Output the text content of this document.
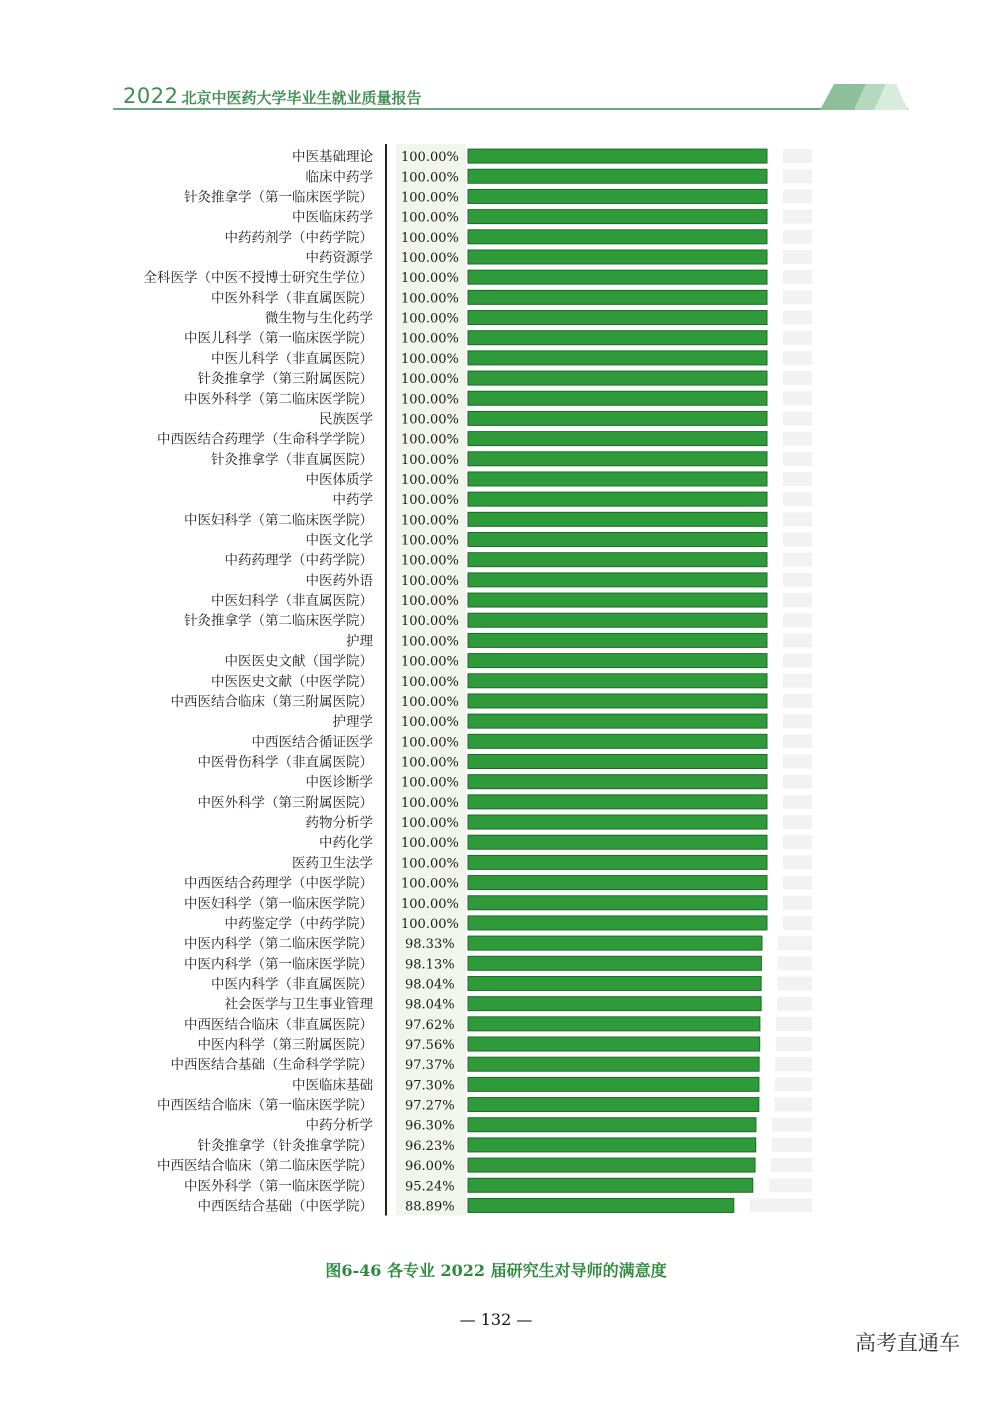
2022 北京中医药大学毕业生就业质量报告
中医基础理论 100.00%
临床中药学 100.00%
针灸推拿学（第一临床医学院） 100.00%
中医临床药学 100.00%
中药药剂学（中药学院） 100.00%
中药资源学 100.00%
全科医学（中医不授博士研究生学位） 100.00%
中医外科学（非直属医院） 100.00%
微生物与生化药学 100.00%
中医儿科学（第一临床医学院） 100.00%
中医儿科学（非直属医院） 100.00%
针灸推拿学（第三附属医院） 100.00%
中医外科学（第二临床医学院） 100.00%
民族医学 100.00%
中西医结合药理学（生命科学学院） 100.00%
针灸推拿学（非直属医院） 100.00%
中医体质学 100.00%
中药学 100.00%
中医妇科学（第二临床医学院） 100.00%
中医文化学 100.00%
中药药理学（中药学院） 100.00%
中医药外语 100.00%
中医妇科学（非直属医院） 100.00%
针灸推拿学（第二临床医学院） 100.00%
护理 100.00%
中医医史文献（国学院） 100.00%
中医医史文献（中医学院） 100.00%
中西医结合临床（第三附属医院） 100.00%
护理学 100.00%
中西医结合循证医学 100.00%
中医骨伤科学（非直属医院） 100.00%
中医诊断学 100.00%
中医外科学（第三附属医院） 100.00%
药物分析学 100.00%
中药化学 100.00%
医药卫生法学 100.00%
中西医结合药理学（中医学院） 100.00%
中医妇科学（第一临床医学院） 100.00%
中药鉴定学（中药学院） 100.00%
中医内科学（第二临床医学院） 98.33%
中医内科学（第一临床医学院） 98.13%
中医内科学（非直属医院） 98.04%
社会医学与卫生事业管理 98.04%
中西医结合临床（非直属医院） 97.62%
中医内科学（第三附属医院） 97.56%
中西医结合基础（生命科学学院） 97.37%
中医临床基础 97.30%
中西医结合临床（第一临床医学院） 97.27%
中药分析学 96.30%
针灸推拿学（针灸推拿学院） 96.23%
中西医结合临床（第二临床医学院） 96.00%
中医外科学（第一临床医学院） 95.24%
中西医结合基础（中医学院） 88.89%
图6-46 各专业 2022 届研究生对导师的满意度
— 132 —
高考直通车
